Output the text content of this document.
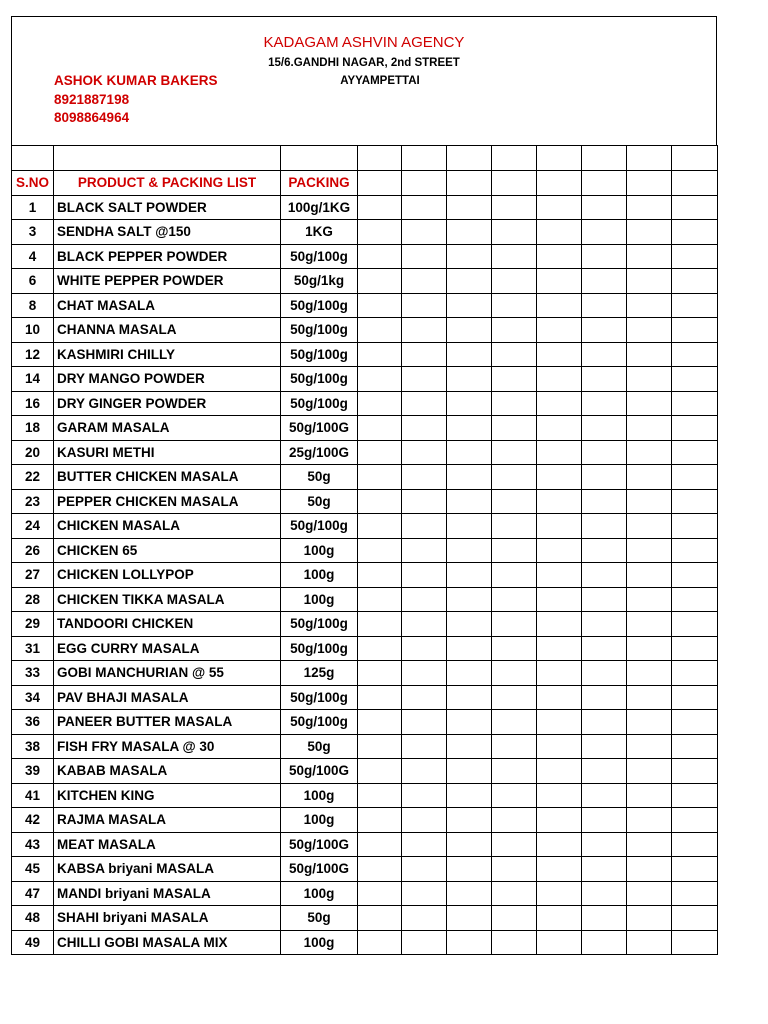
KADAGAM ASHVIN AGENCY
15/6.GANDHI NAGAR, 2nd STREET
AYYAMPETTAI
ASHOK KUMAR BAKERS
8921887198
8098864964

S.NO	PRODUCT & PACKING LIST	PACKING								
1	BLACK SALT POWDER	100g/1KG								
3	SENDHA SALT @150	1KG								
4	BLACK PEPPER POWDER	50g/100g								
6	WHITE PEPPER POWDER	50g/1kg								
8	CHAT MASALA	50g/100g								
10	CHANNA MASALA	50g/100g								
12	KASHMIRI CHILLY	50g/100g								
14	DRY MANGO POWDER	50g/100g								
16	DRY GINGER POWDER	50g/100g								
18	GARAM MASALA	50g/100G								
20	KASURI METHI	25g/100G								
22	BUTTER CHICKEN MASALA	50g								
23	PEPPER CHICKEN MASALA	50g								
24	CHICKEN MASALA	50g/100g								
26	CHICKEN 65	100g								
27	CHICKEN LOLLYPOP	100g								
28	CHICKEN TIKKA MASALA	100g								
29	TANDOORI CHICKEN	50g/100g								
31	EGG CURRY MASALA	50g/100g								
33	GOBI MANCHURIAN @ 55	125g								
34	PAV BHAJI MASALA	50g/100g								
36	PANEER BUTTER MASALA	50g/100g								
38	FISH FRY MASALA @ 30	50g								
39	KABAB MASALA	50g/100G								
41	KITCHEN KING	100g								
42	RAJMA MASALA	100g								
43	MEAT MASALA	50g/100G								
45	KABSA briyani MASALA	50g/100G								
47	MANDI briyani MASALA	100g								
48	SHAHI briyani MASALA	50g								
49	CHILLI GOBI MASALA MIX	100g								
